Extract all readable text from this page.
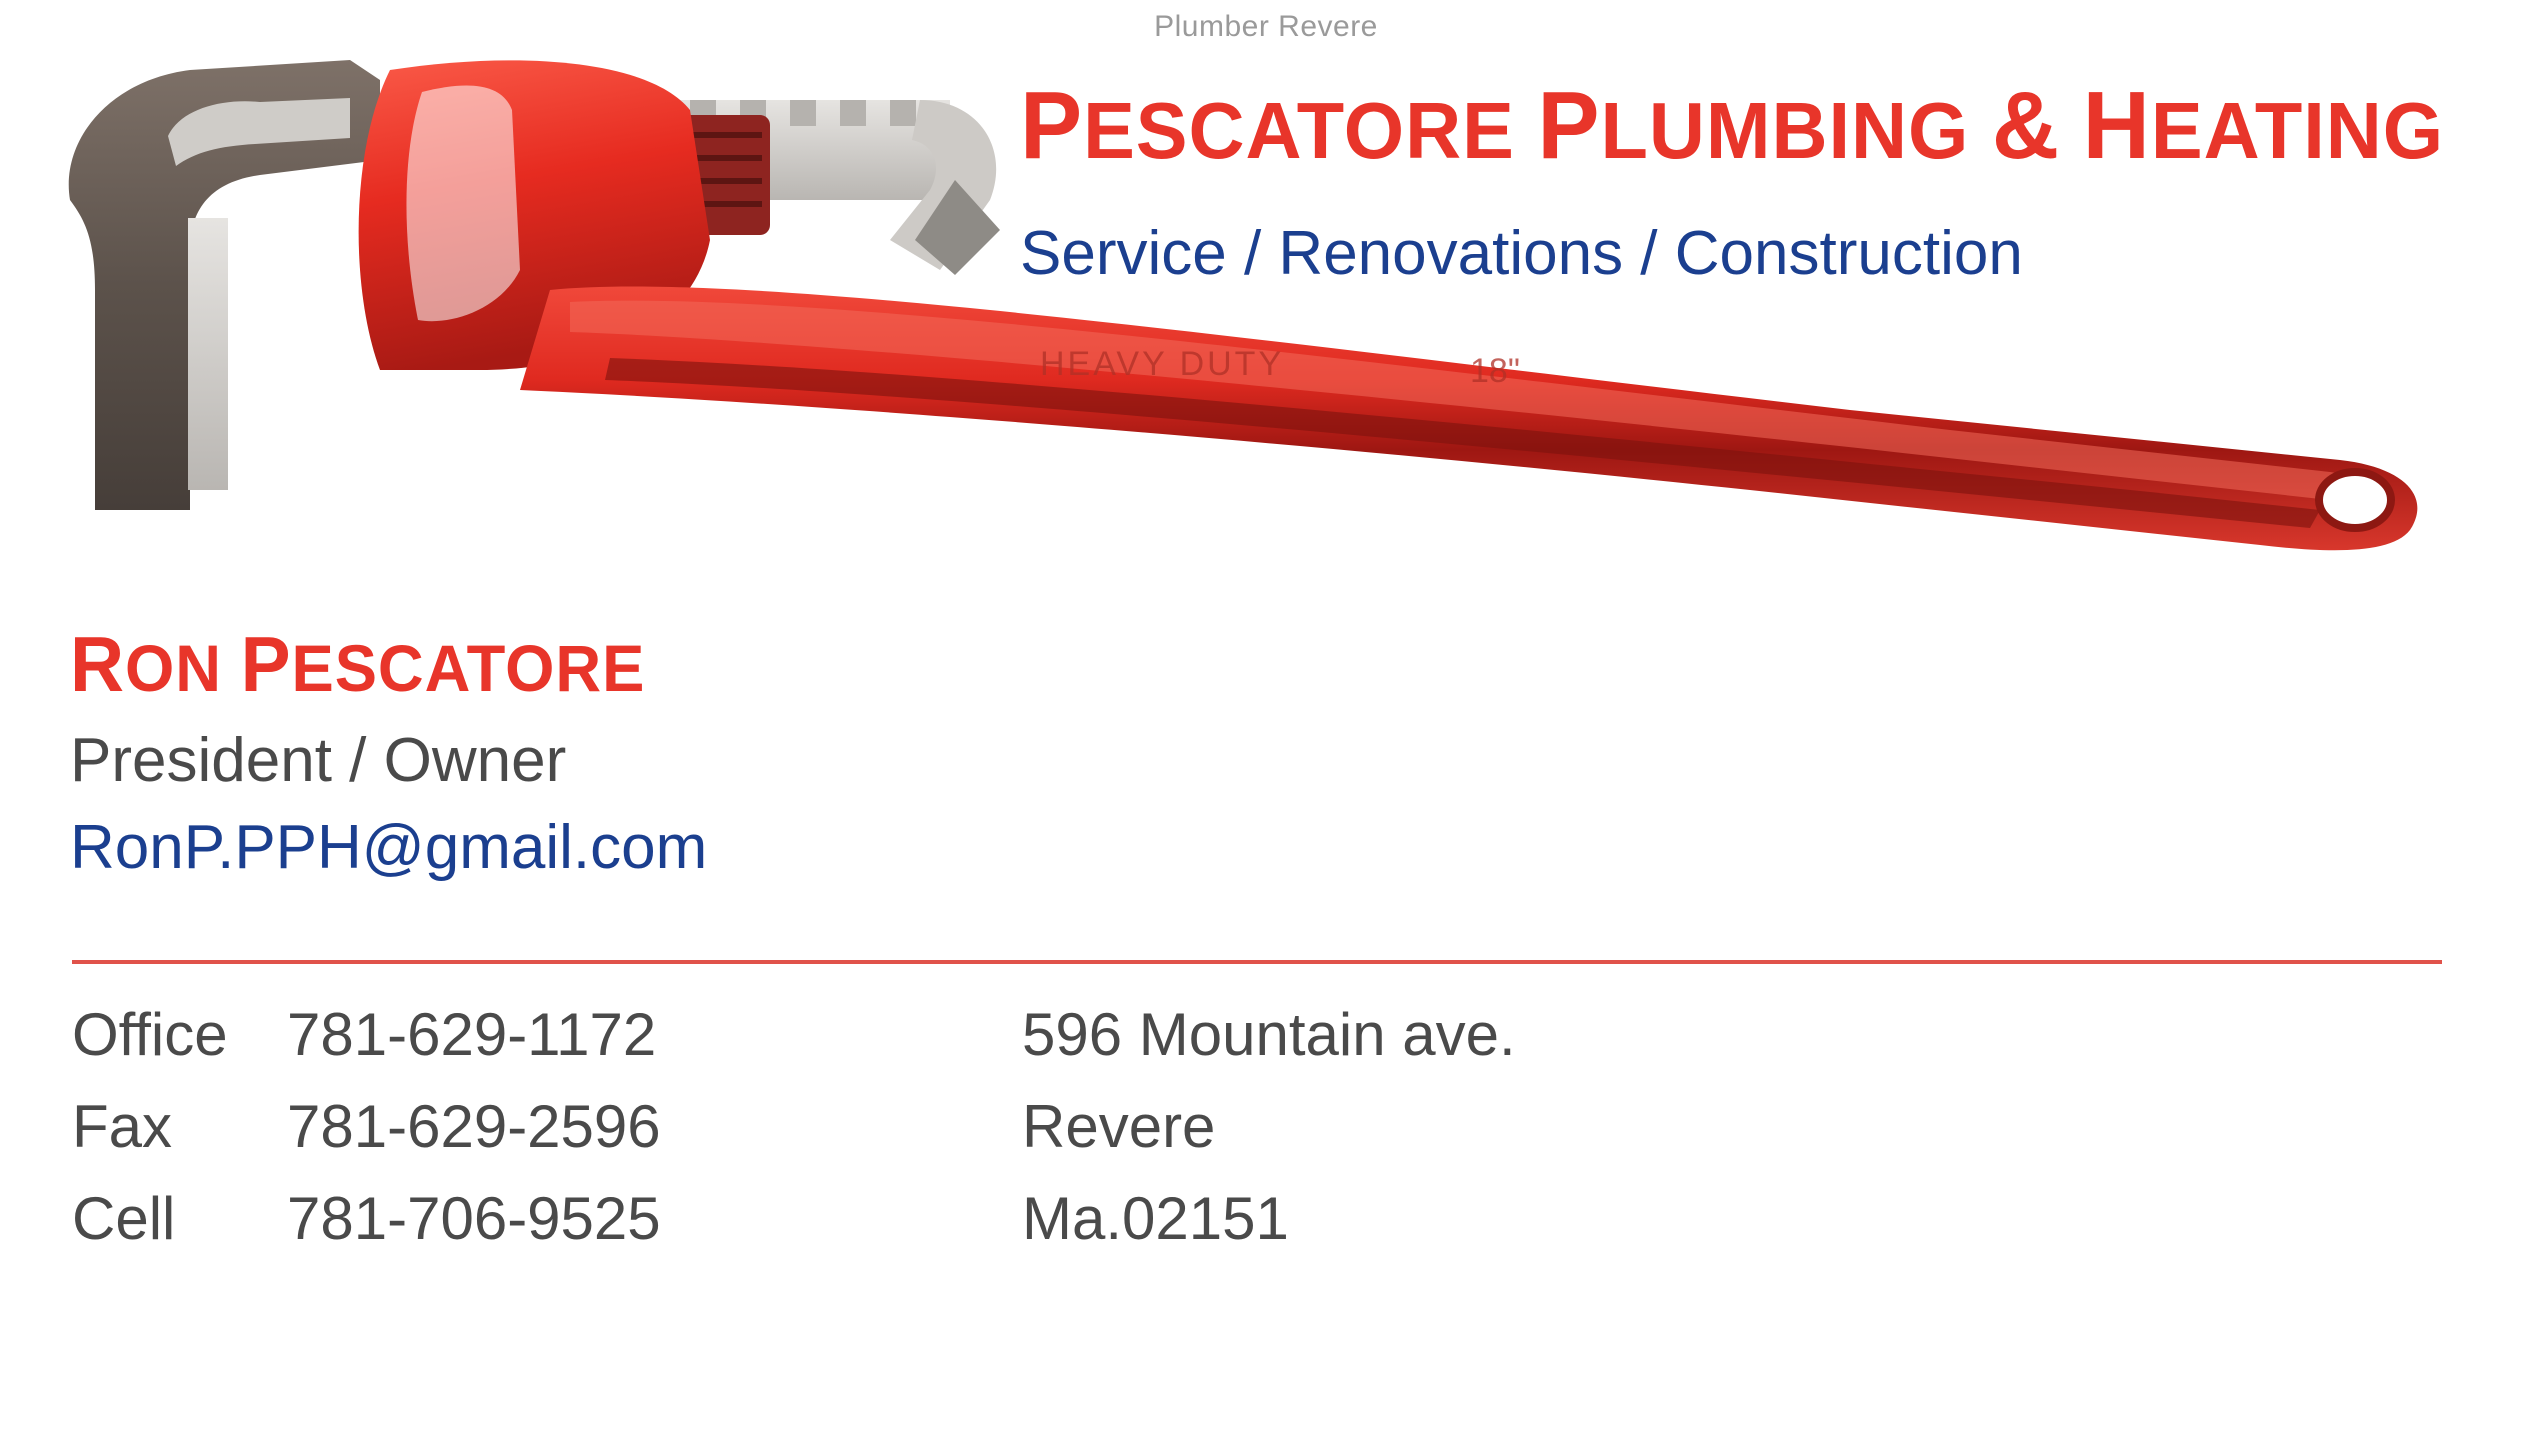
Plumber Revere
HEAVY DUTY	18"
PESCATORE PLUMBING & HEATING
Service / Renovations / Construction
RON PESCATORE
President / Owner
RonP.PPH@gmail.com
Office 781-629-1172
Fax	781-629-2596
Cell	781-706-9525
596 Mountain ave.
Revere
Ma.02151
